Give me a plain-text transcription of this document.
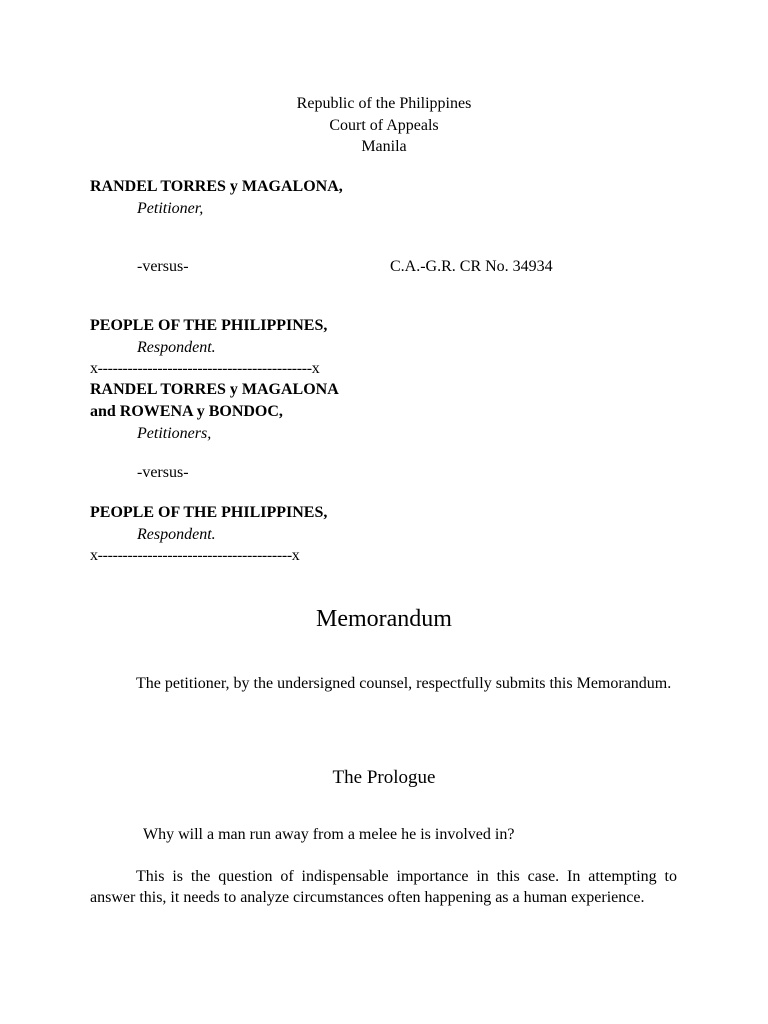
Republic of the Philippines
Court of Appeals
Manila
RANDEL TORRES y MAGALONA,
Petitioner,
-versus-	C.A.-G.R. CR No. 34934
PEOPLE OF THE PHILIPPINES,
Respondent.
x-------------------------------------------x
RANDEL TORRES y MAGALONA
and ROWENA y BONDOC,
Petitioners,
-versus-
PEOPLE OF THE PHILIPPINES,
Respondent.
x---------------------------------------x
Memorandum
The petitioner, by the undersigned counsel, respectfully submits this Memorandum.
The Prologue
Why will a man run away from a melee he is involved in?
This is the question of indispensable importance in this case. In attempting to answer this, it needs to analyze circumstances often happening as a human experience.
